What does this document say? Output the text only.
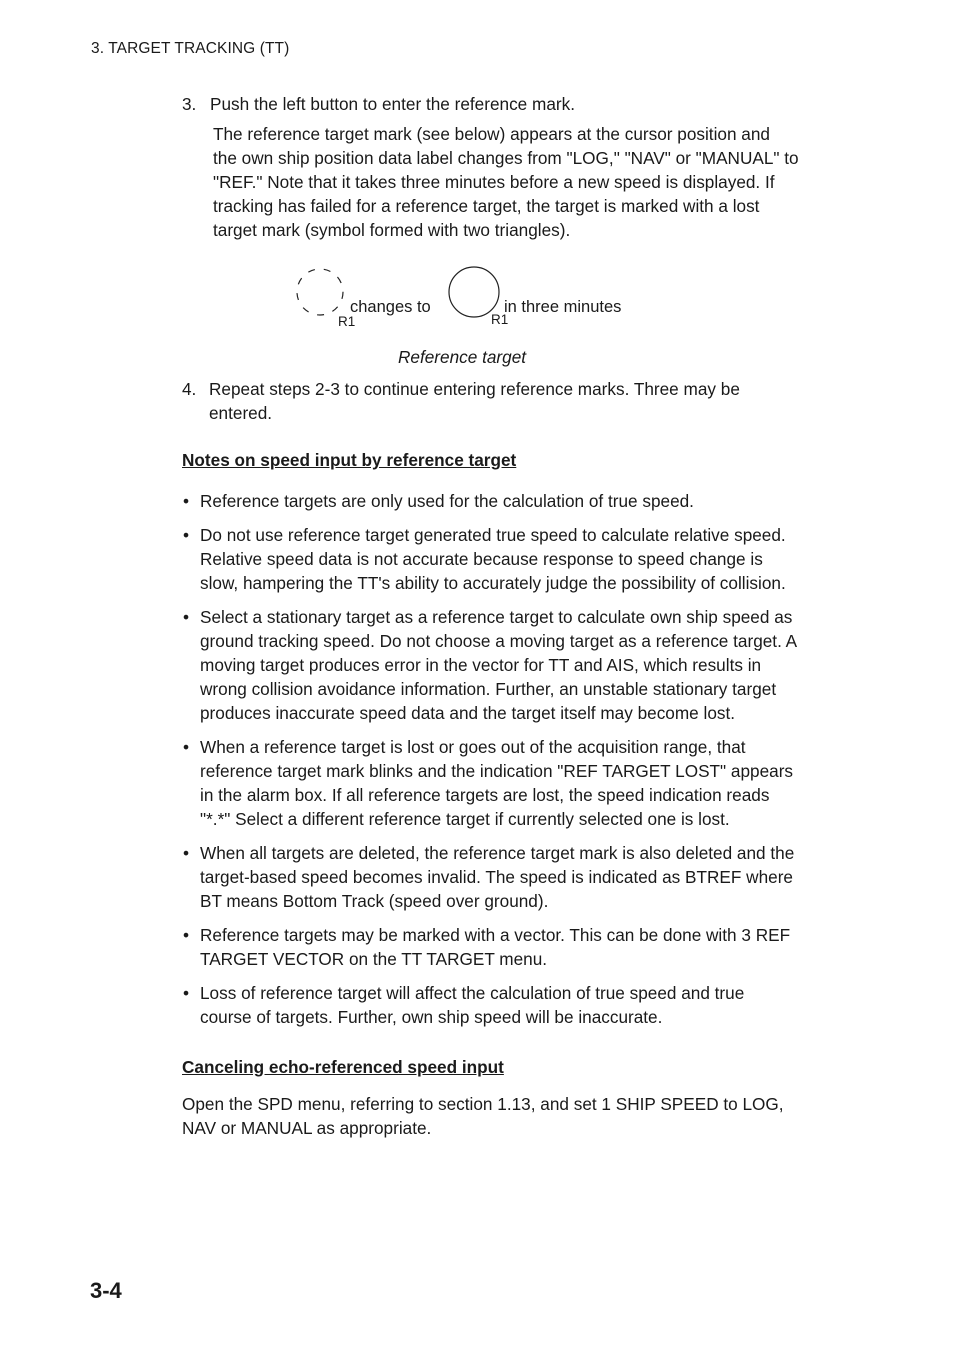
3. TARGET TRACKING (TT)
3. Push the left button to enter the reference mark.
The reference target mark (see below) appears at the cursor position and
the own ship position data label changes from "LOG," "NAV" or "MANUAL" to
"REF." Note that it takes three minutes before a new speed is displayed. If
tracking has failed for a reference target, the target is marked with a lost
target mark (symbol formed with two triangles).
changes to
R1
in three minutes
R1
Reference target
4. Repeat steps 2-3 to continue entering reference marks. Three may be
entered.
Notes on speed input by reference target
• Reference targets are only used for the calculation of true speed.
• Do not use reference target generated true speed to calculate relative speed.
Relative speed data is not accurate because response to speed change is
slow, hampering the TT's ability to accurately judge the possibility of collision.
• Select a stationary target as a reference target to calculate own ship speed as
ground tracking speed. Do not choose a moving target as a reference target. A
moving target produces error in the vector for TT and AIS, which results in
wrong collision avoidance information. Further, an unstable stationary target
produces inaccurate speed data and the target itself may become lost.
• When a reference target is lost or goes out of the acquisition range, that
reference target mark blinks and the indication "REF TARGET LOST" appears
in the alarm box. If all reference targets are lost, the speed indication reads
"*.*" Select a different reference target if currently selected one is lost.
• When all targets are deleted, the reference target mark is also deleted and the
target-based speed becomes invalid. The speed is indicated as BTREF where
BT means Bottom Track (speed over ground).
• Reference targets may be marked with a vector. This can be done with 3 REF
TARGET VECTOR on the TT TARGET menu.
• Loss of reference target will affect the calculation of true speed and true
course of targets. Further, own ship speed will be inaccurate.
Canceling echo-referenced speed input
Open the SPD menu, referring to section 1.13, and set 1 SHIP SPEED to LOG,
NAV or MANUAL as appropriate.
3-4
